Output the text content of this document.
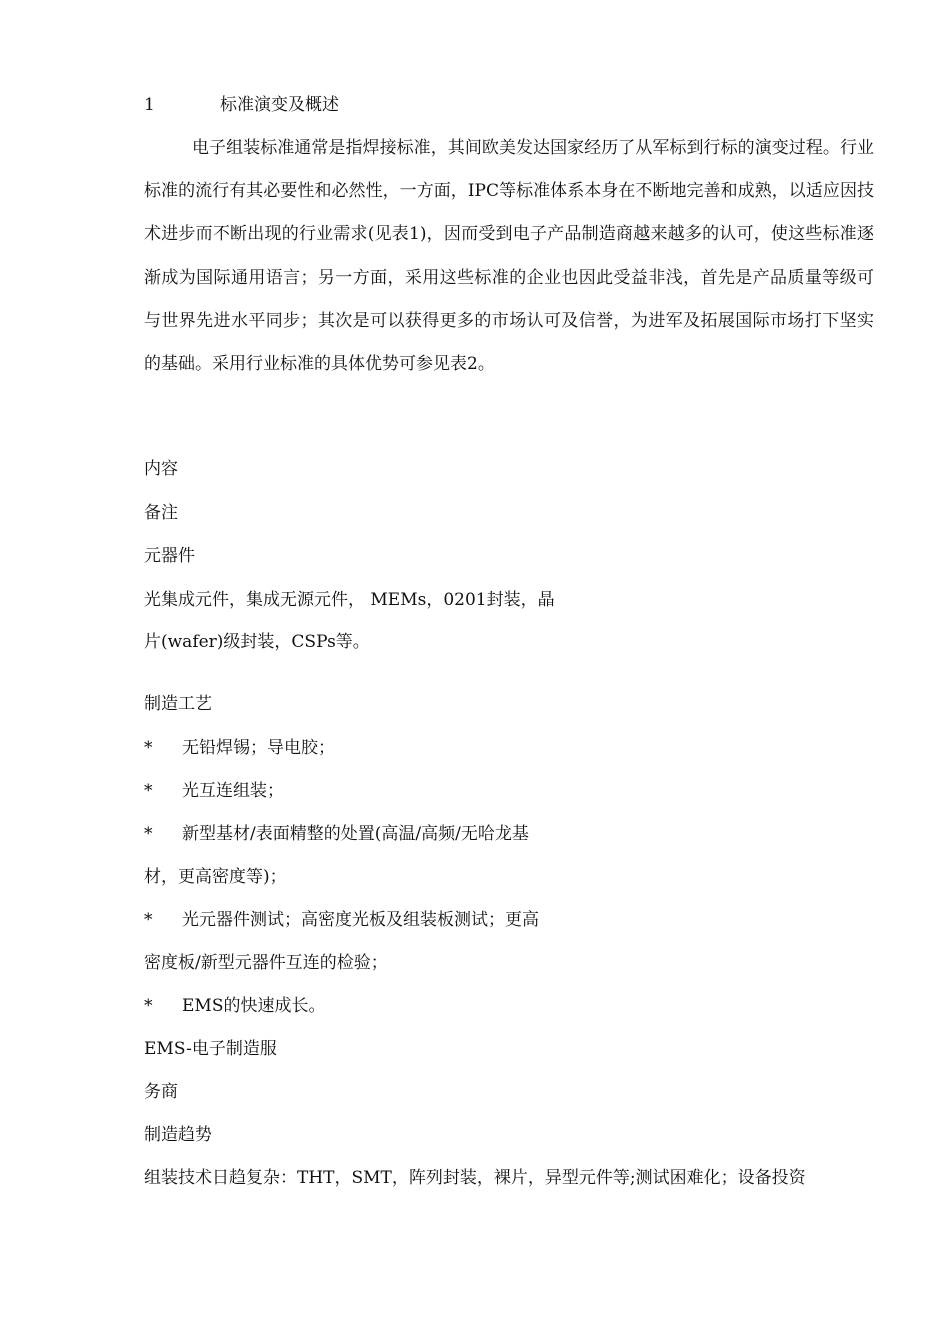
1	标准演变及概述

电子组装标准通常是指焊接标准，其间欧美发达国家经历了从军标到行标的演变过程。行业标准的流行有其必要性和必然性，一方面，IPC等标准体系本身在不断地完善和成熟，以适应因技术进步而不断出现的行业需求(见表1)，因而受到电子产品制造商越来越多的认可，使这些标准逐渐成为国际通用语言；另一方面，采用这些标准的企业也因此受益非浅，首先是产品质量等级可与世界先进水平同步；其次是可以获得更多的市场认可及信誉，为进军及拓展国际市场打下坚实的基础。采用行业标准的具体优势可参见表2。

内容
备注
元器件
光集成元件，集成无源元件， MEMs，0201封装，晶
片(wafer)级封装，CSPs等。
制造工艺
* 无铅焊锡；导电胶；
* 光互连组装；
* 新型基材/表面精整的处置(高温/高频/无哈龙基
材，更高密度等)；
* 光元器件测试；高密度光板及组装板测试；更高
密度板/新型元器件互连的检验；
* EMS的快速成长。
EMS-电子制造服
务商
制造趋势
组装技术日趋复杂：THT，SMT，阵列封装，裸片，异型元件等;测试困难化；设备投资
